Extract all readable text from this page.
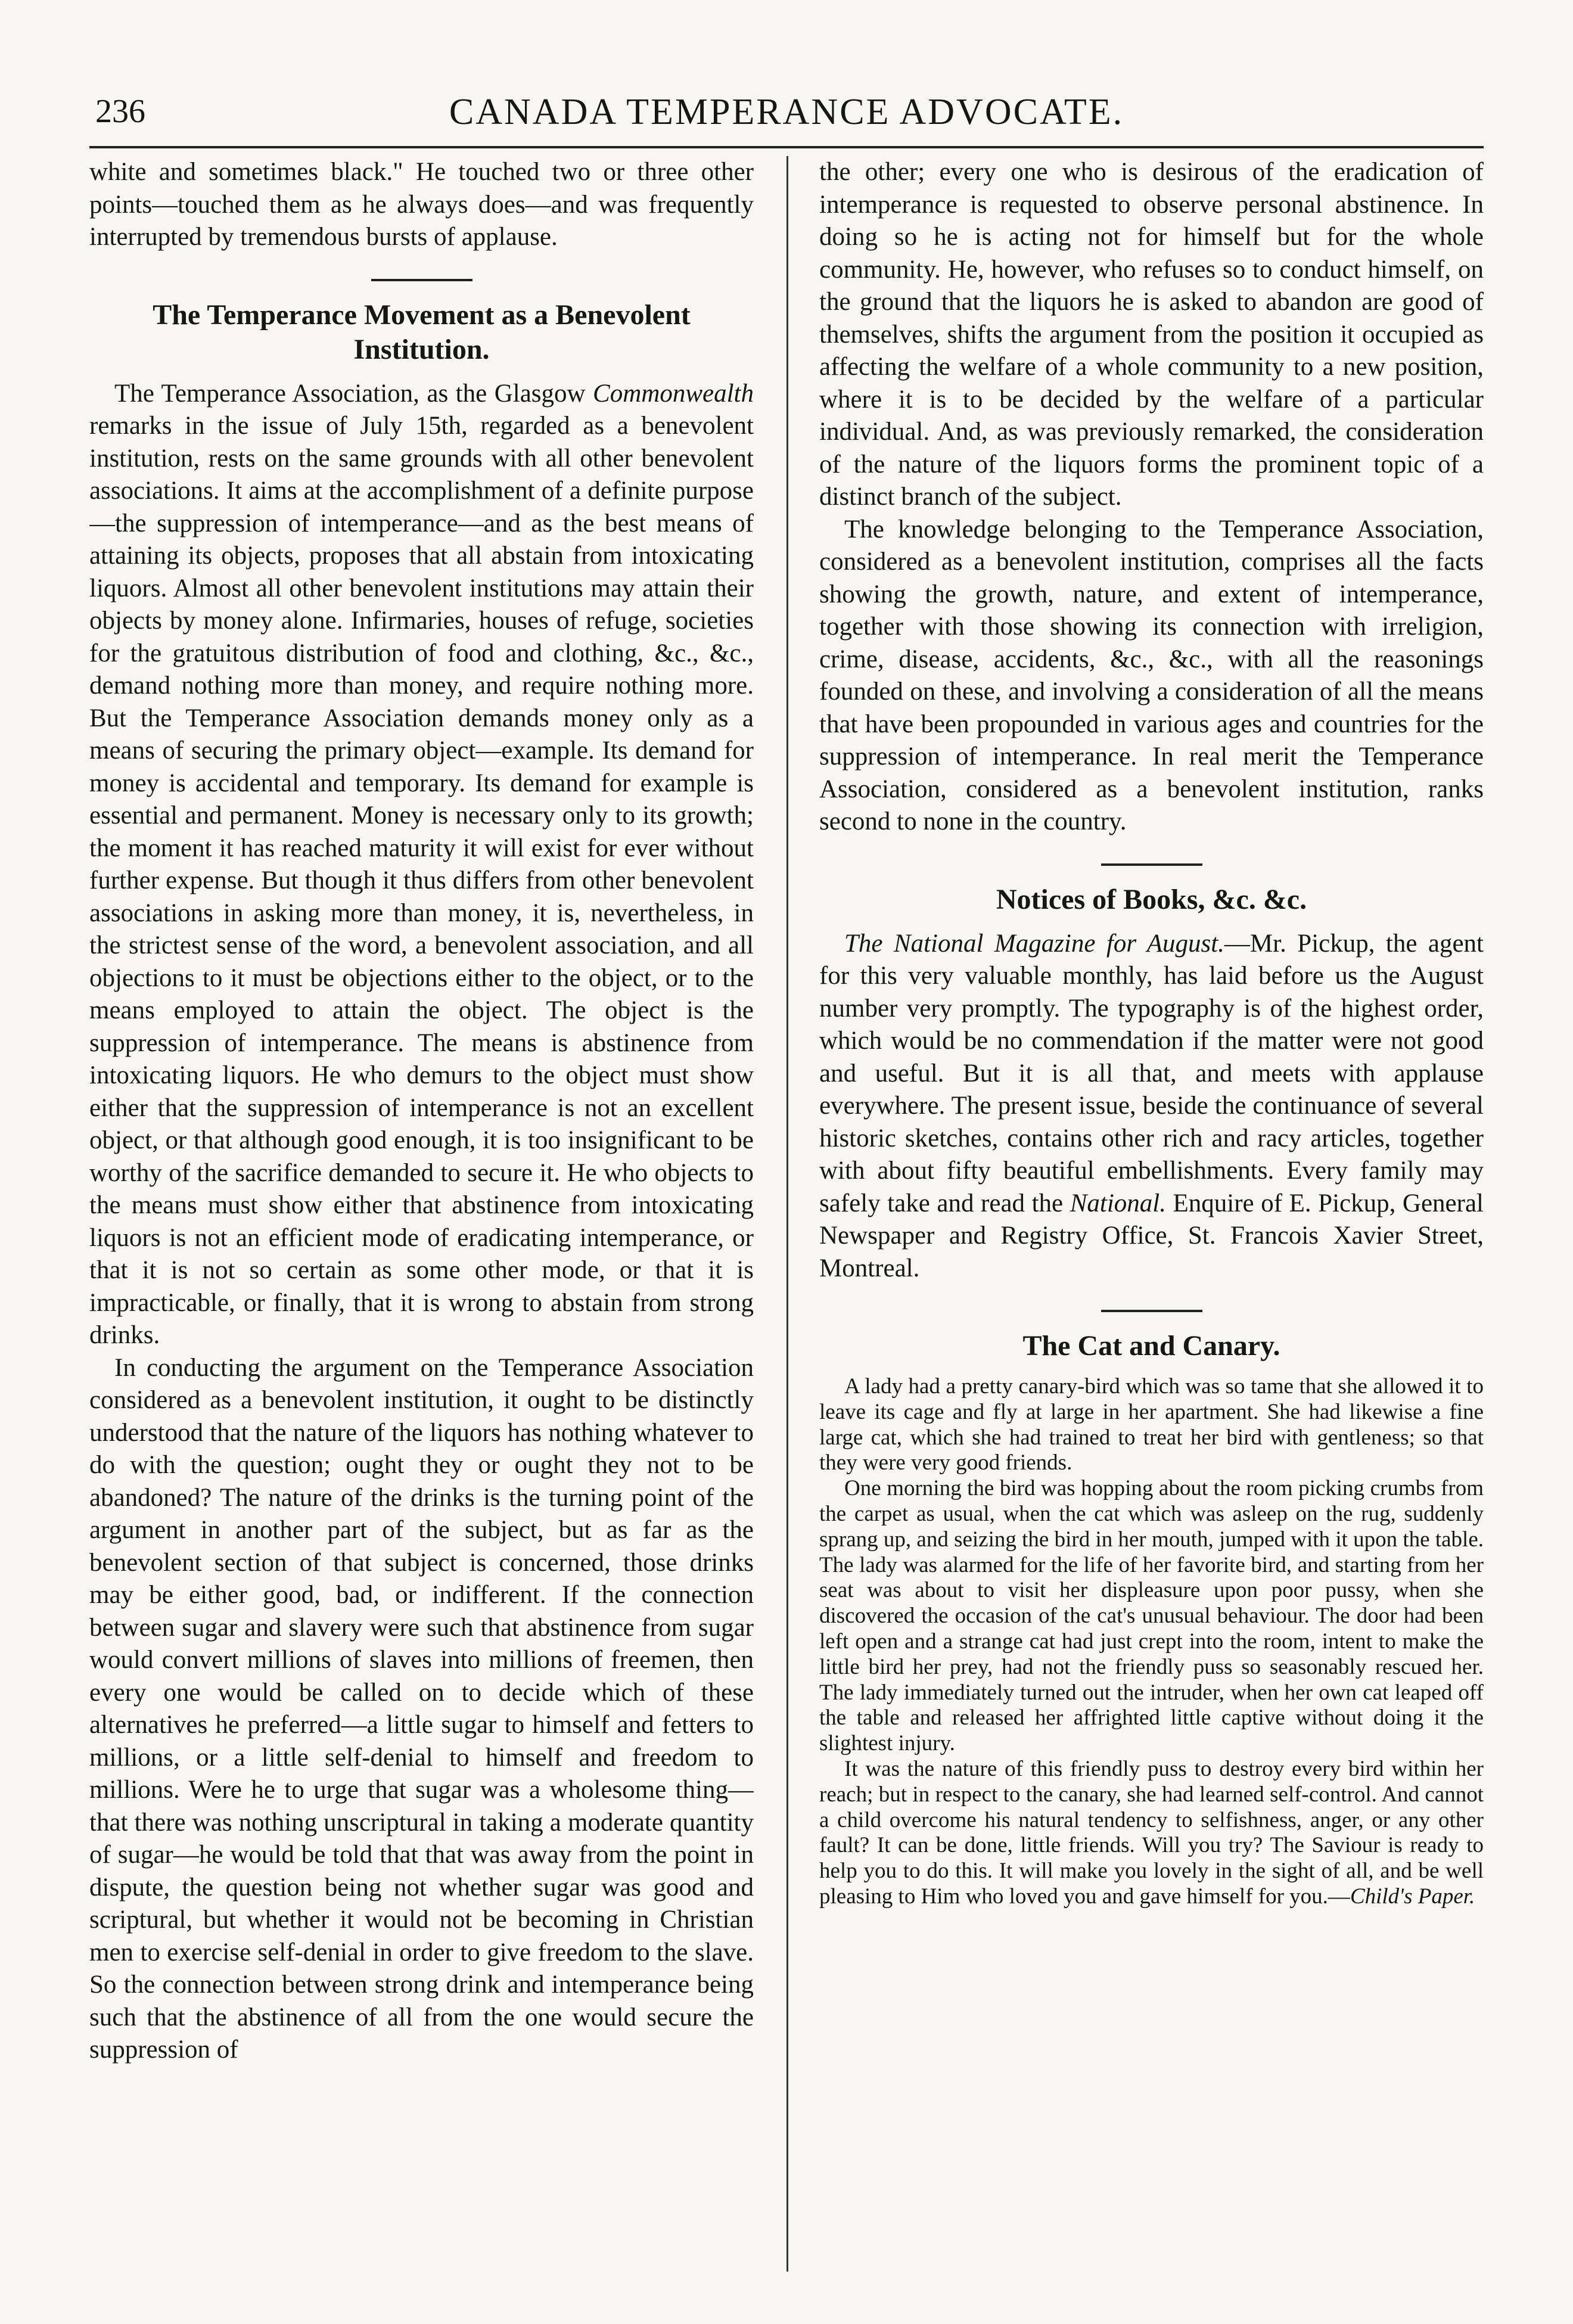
236	CANADA TEMPERANCE ADVOCATE.

white and sometimes black." He touched two or three other points—touched them as he always does—and was frequently interrupted by tremendous bursts of applause.

The Temperance Movement as a Benevolent Institution.

The Temperance Association, as the Glasgow Commonwealth remarks in the issue of July 15th, regarded as a benevolent institution, rests on the same grounds with all other benevolent associations. It aims at the accomplishment of a definite purpose—the suppression of intemperance—and as the best means of attaining its objects, proposes that all abstain from intoxicating liquors. Almost all other benevolent institutions may attain their objects by money alone. Infirmaries, houses of refuge, societies for the gratuitous distribution of food and clothing, &c., &c., demand nothing more than money, and require nothing more. But the Temperance Association demands money only as a means of securing the primary object—example. Its demand for money is accidental and temporary. Its demand for example is essential and permanent. Money is necessary only to its growth; the moment it has reached maturity it will exist for ever without further expense. But though it thus differs from other benevolent associations in asking more than money, it is, nevertheless, in the strictest sense of the word, a benevolent association, and all objections to it must be objections either to the object, or to the means employed to attain the object. The object is the suppression of intemperance. The means is abstinence from intoxicating liquors. He who demurs to the object must show either that the suppression of intemperance is not an excellent object, or that although good enough, it is too insignificant to be worthy of the sacrifice demanded to secure it. He who objects to the means must show either that abstinence from intoxicating liquors is not an efficient mode of eradicating intemperance, or that it is not so certain as some other mode, or that it is impracticable, or finally, that it is wrong to abstain from strong drinks.

In conducting the argument on the Temperance Association considered as a benevolent institution, it ought to be distinctly understood that the nature of the liquors has nothing whatever to do with the question; ought they or ought they not to be abandoned? The nature of the drinks is the turning point of the argument in another part of the subject, but as far as the benevolent section of that subject is concerned, those drinks may be either good, bad, or indifferent. If the connection between sugar and slavery were such that abstinence from sugar would convert millions of slaves into millions of freemen, then every one would be called on to decide which of these alternatives he preferred—a little sugar to himself and fetters to millions, or a little self-denial to himself and freedom to millions. Were he to urge that sugar was a wholesome thing—that there was nothing unscriptural in taking a moderate quantity of sugar—he would be told that that was away from the point in dispute, the question being not whether sugar was good and scriptural, but whether it would not be becoming in Christian men to exercise self-denial in order to give freedom to the slave. So the connection between strong drink and intemperance being such that the abstinence of all from the one would secure the suppression of

the other; every one who is desirous of the eradication of intemperance is requested to observe personal abstinence. In doing so he is acting not for himself but for the whole community. He, however, who refuses so to conduct himself, on the ground that the liquors he is asked to abandon are good of themselves, shifts the argument from the position it occupied as affecting the welfare of a whole community to a new position, where it is to be decided by the welfare of a particular individual. And, as was previously remarked, the consideration of the nature of the liquors forms the prominent topic of a distinct branch of the subject.

The knowledge belonging to the Temperance Association, considered as a benevolent institution, comprises all the facts showing the growth, nature, and extent of intemperance, together with those showing its connection with irreligion, crime, disease, accidents, &c., &c., with all the reasonings founded on these, and involving a consideration of all the means that have been propounded in various ages and countries for the suppression of intemperance. In real merit the Temperance Association, considered as a benevolent institution, ranks second to none in the country.

Notices of Books, &c. &c.

The National Magazine for August.—Mr. Pickup, the agent for this very valuable monthly, has laid before us the August number very promptly. The typography is of the highest order, which would be no commendation if the matter were not good and useful. But it is all that, and meets with applause everywhere. The present issue, beside the continuance of several historic sketches, contains other rich and racy articles, together with about fifty beautiful embellishments. Every family may safely take and read the National. Enquire of E. Pickup, General Newspaper and Registry Office, St. Francois Xavier Street, Montreal.

The Cat and Canary.

A lady had a pretty canary-bird which was so tame that she allowed it to leave its cage and fly at large in her apartment. She had likewise a fine large cat, which she had trained to treat her bird with gentleness; so that they were very good friends.

One morning the bird was hopping about the room picking crumbs from the carpet as usual, when the cat which was asleep on the rug, suddenly sprang up, and seizing the bird in her mouth, jumped with it upon the table. The lady was alarmed for the life of her favorite bird, and starting from her seat was about to visit her displeasure upon poor pussy, when she discovered the occasion of the cat's unusual behaviour. The door had been left open and a strange cat had just crept into the room, intent to make the little bird her prey, had not the friendly puss so seasonably rescued her. The lady immediately turned out the intruder, when her own cat leaped off the table and released her affrighted little captive without doing it the slightest injury.

It was the nature of this friendly puss to destroy every bird within her reach; but in respect to the canary, she had learned self-control. And cannot a child overcome his natural tendency to selfishness, anger, or any other fault? It can be done, little friends. Will you try? The Saviour is ready to help you to do this. It will make you lovely in the sight of all, and be well pleasing to Him who loved you and gave himself for you.—Child's Paper.
